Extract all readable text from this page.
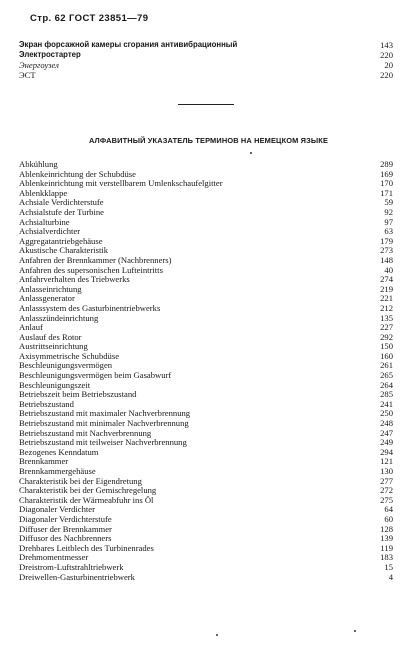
Стр. 62 ГОСТ 23851—79
Экран форсажной камеры сгорания антивибрационный	143
Электростартер	220
Энергоузел	20
ЭСТ	220
АЛФАВИТНЫЙ УКАЗАТЕЛЬ ТЕРМИНОВ НА НЕМЕЦКОМ ЯЗЫКЕ
Abkühlung	289
Ablenkeinrichtung der Schubdüse	169
Ablenkeinrichtung mit verstellbarem Umlenkschaufelgitter	170
Ablenkklappe	171
Achsiale Verdichterstufe	59
Achsialstufe der Turbine	92
Achsialturbine	97
Achsialverdichter	63
Aggregatantriebgehäuse	179
Akustische Charakteristik	273
Anfahren der Brennkammer (Nachbrenners)	148
Anfahren des supersonischen Lufteintritts	40
Anfahrverhalten des Triebwerks	274
Anlasseinrichtung	219
Anlassgenerator	221
Anlasssystem des Gasturbinentriebwerks	212
Anlasszündeinrichtung	135
Anlauf	227
Auslauf des Rotor	292
Austrittseinrichtung	150
Axisymmetrische Schubdüse	160
Beschleunigungsvermögen	261
Beschleunigungsvermögen beim Gasabwurf	265
Beschleunigungszeit	264
Betriebszeit beim Betriebszustand	285
Betriebszustand	241
Betriebszustand mit maximaler Nachverbrennung	250
Betriebszustand mit minimaler Nachverbrennung	248
Betriebszustand mit Nachverbrennung	247
Betriebszustand mit teilweiser Nachverbrennung	249
Bezogenes Kenndatum	294
Brennkammer	121
Brennkammergehäuse	130
Charakteristik bei der Eigendretung	277
Charakteristik bei der Gemischregelung	272
Charakteristik der Wärmeabfuhr ins Öl	275
Diagonaler Verdichter	64
Diagonaler Verdichterstufe	60
Diffuser der Brennkammer	128
Diffusor des Nachbrenners	139
Drehbares Leitblech des Turbinenrades	119
Drehmomentmesser	183
Dreistrom-Luftstrahltriebwerk	15
Dreiwellen-Gasturbinentriebwerk	4
